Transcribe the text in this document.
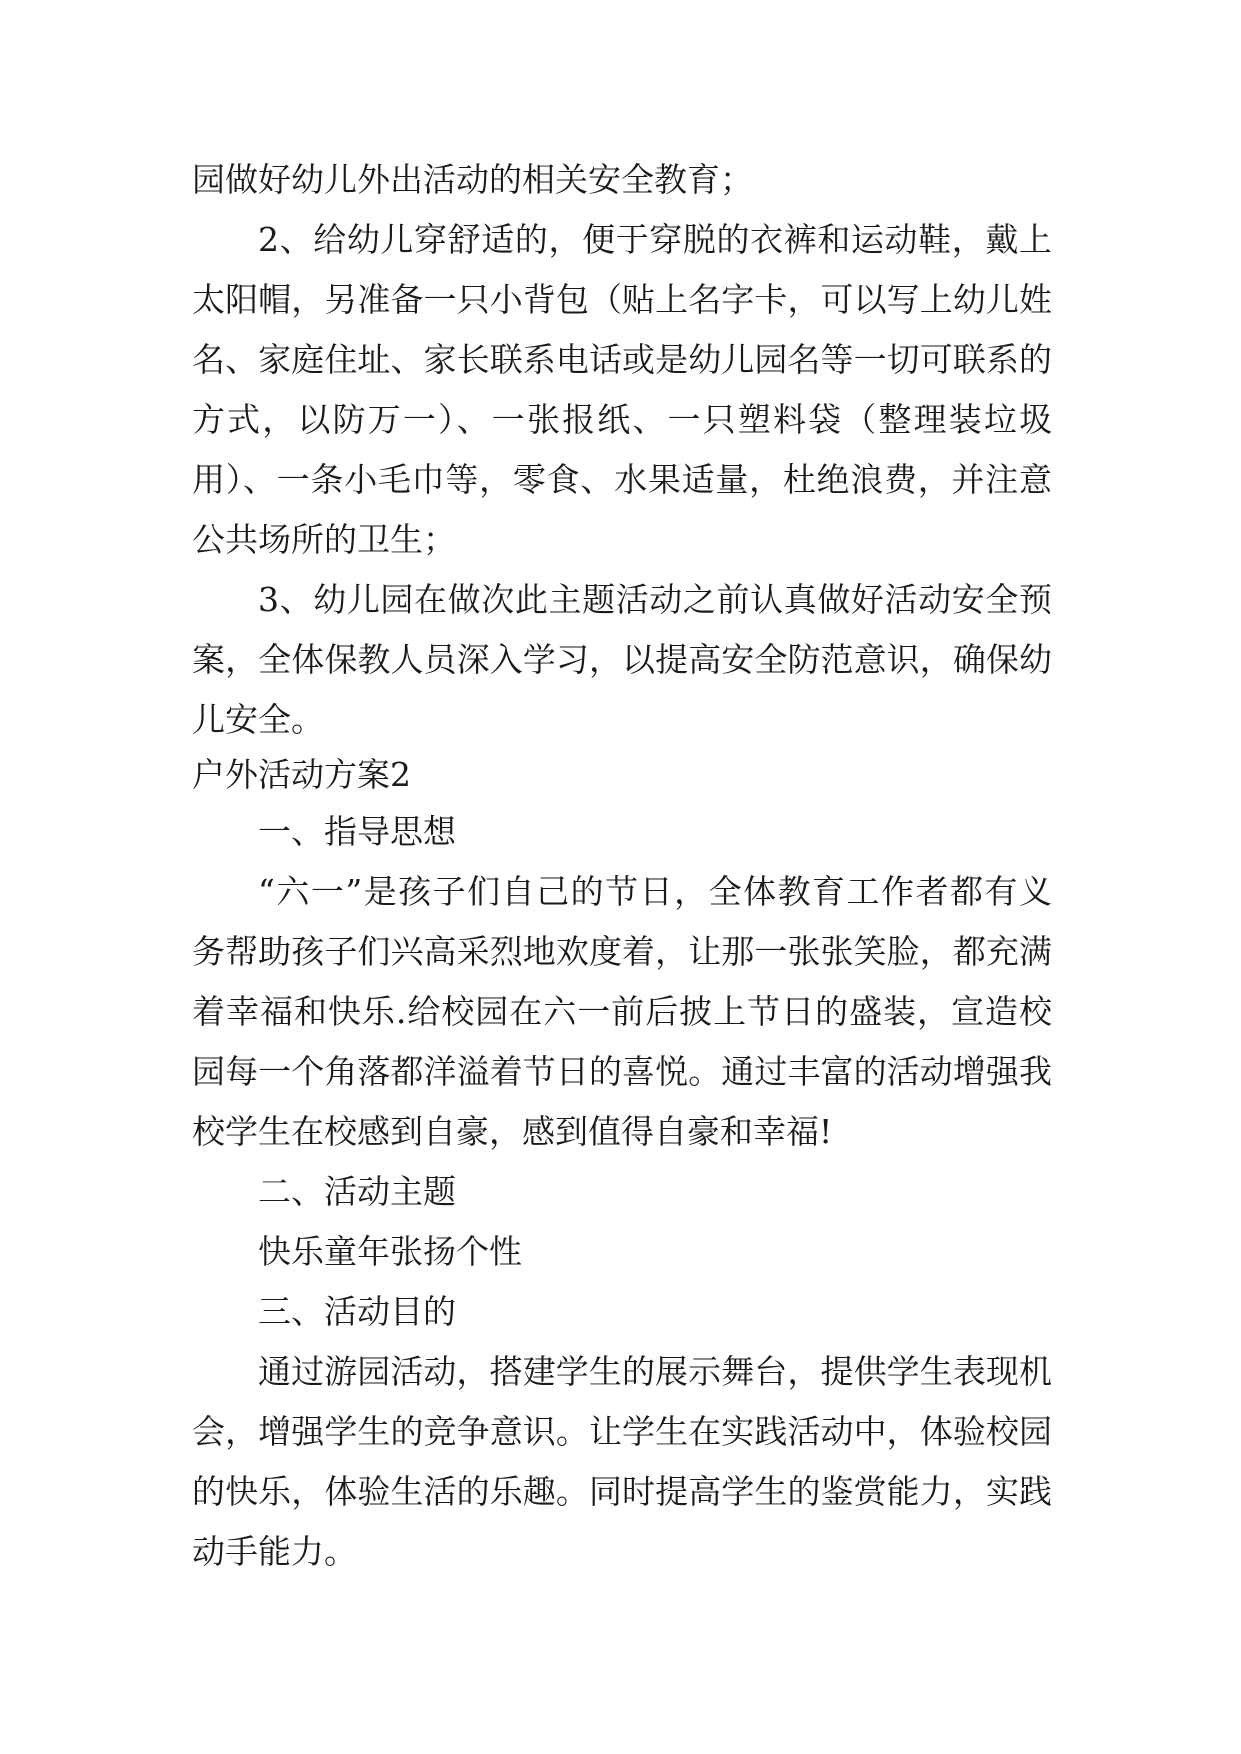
园做好幼儿外出活动的相关安全教育；
2、给幼儿穿舒适的，便于穿脱的衣裤和运动鞋，戴上
太阳帽，另准备一只小背包（贴上名字卡，可以写上幼儿姓
名、家庭住址、家长联系电话或是幼儿园名等一切可联系的
方式，以防万一）、一张报纸、一只塑料袋（整理装垃圾
用）、一条小毛巾等，零食、水果适量，杜绝浪费，并注意
公共场所的卫生；
3、幼儿园在做次此主题活动之前认真做好活动安全预
案，全体保教人员深入学习，以提高安全防范意识，确保幼
儿安全。
户外活动方案2
一、指导思想
“六一”是孩子们自己的节日，全体教育工作者都有义
务帮助孩子们兴高采烈地欢度着，让那一张张笑脸，都充满
着幸福和快乐.给校园在六一前后披上节日的盛装，宣造校
园每一个角落都洋溢着节日的喜悦。通过丰富的活动增强我
校学生在校感到自豪，感到值得自豪和幸福!
二、活动主题
快乐童年张扬个性
三、活动目的
通过游园活动，搭建学生的展示舞台，提供学生表现机
会，增强学生的竞争意识。让学生在实践活动中，体验校园
的快乐，体验生活的乐趣。同时提高学生的鉴赏能力，实践
动手能力。
